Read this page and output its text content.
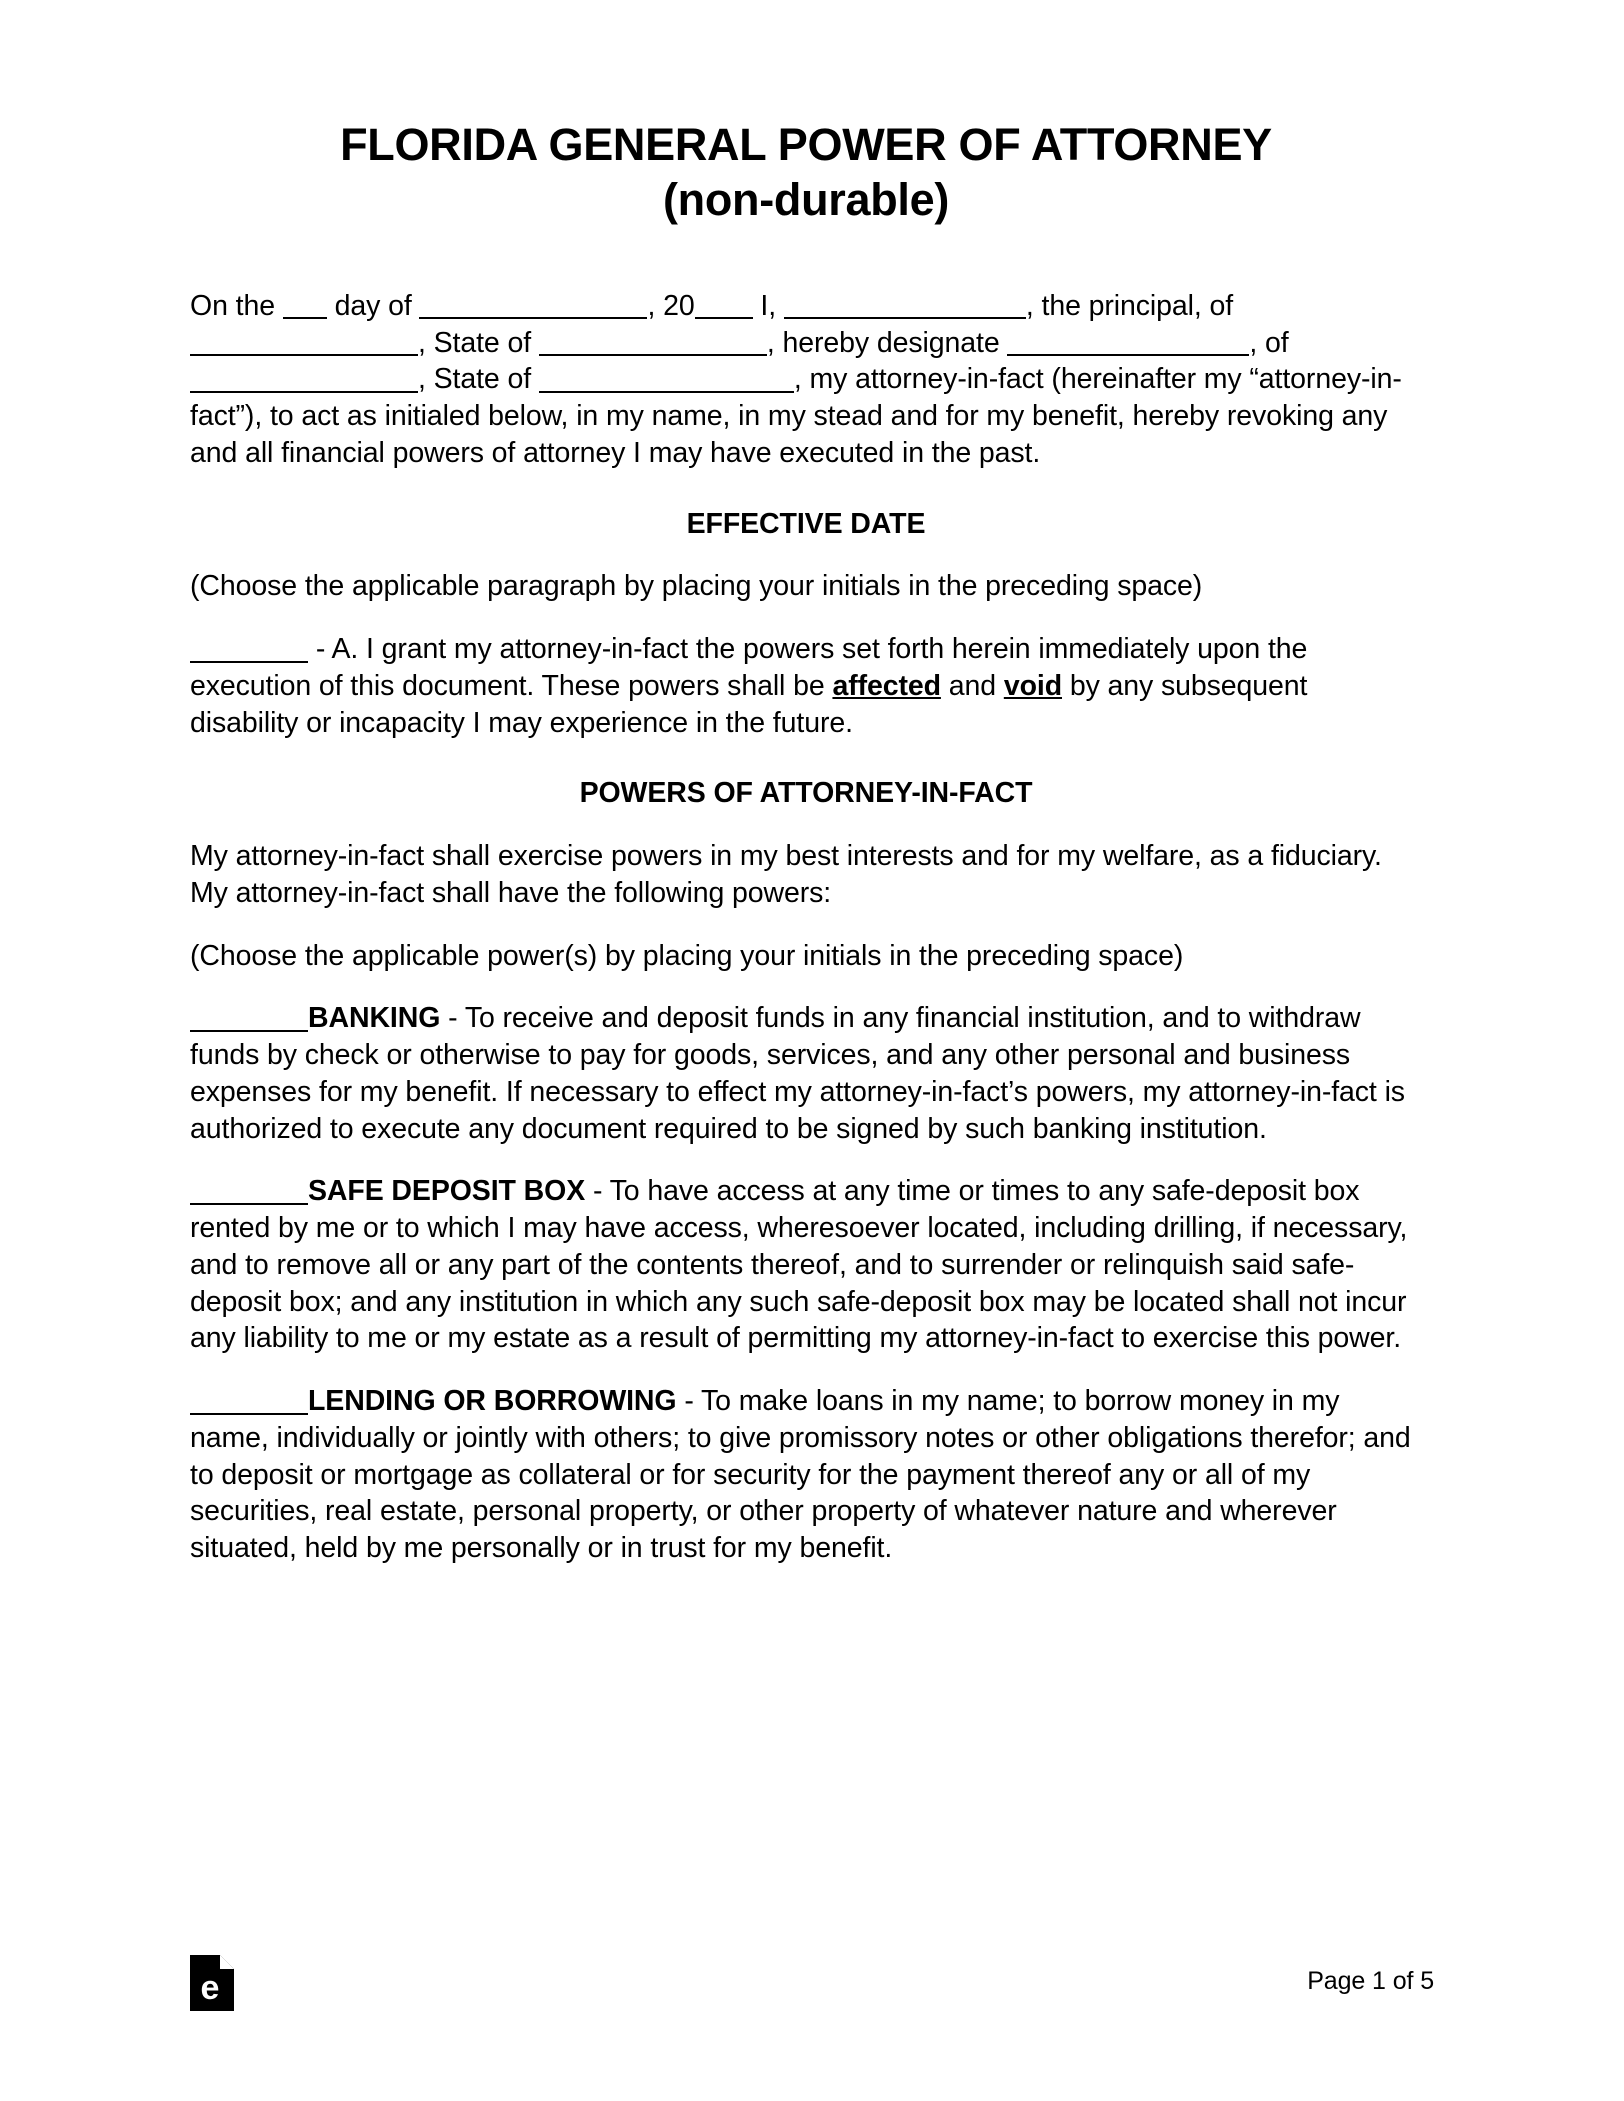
FLORIDA GENERAL POWER OF ATTORNEY
(non-durable)

On the  day of	, 20 I,	, the principal, of , State of	, hereby designate	, of , State of	, my attorney-in-fact (hereinafter my “attorney-in-fact”), to act as initialed below, in my name, in my stead and for my benefit, hereby revoking any and all financial powers of attorney I may have executed in the past.

EFFECTIVE DATE

(Choose the applicable paragraph by placing your initials in the preceding space)

- A. I grant my attorney-in-fact the powers set forth herein immediately upon the execution of this document. These powers shall be affected and void by any subsequent disability or incapacity I may experience in the future.

POWERS OF ATTORNEY-IN-FACT

My attorney-in-fact shall exercise powers in my best interests and for my welfare, as a fiduciary. My attorney-in-fact shall have the following powers:

(Choose the applicable power(s) by placing your initials in the preceding space)

BANKING - To receive and deposit funds in any financial institution, and to withdraw funds by check or otherwise to pay for goods, services, and any other personal and business expenses for my benefit. If necessary to effect my attorney-in-fact’s powers, my attorney-in-fact is authorized to execute any document required to be signed by such banking institution.

SAFE DEPOSIT BOX - To have access at any time or times to any safe-deposit box rented by me or to which I may have access, wheresoever located, including drilling, if necessary, and to remove all or any part of the contents thereof, and to surrender or relinquish said safe-deposit box; and any institution in which any such safe-deposit box may be located shall not incur any liability to me or my estate as a result of permitting my attorney-in-fact to exercise this power.

LENDING OR BORROWING - To make loans in my name; to borrow money in my name, individually or jointly with others; to give promissory notes or other obligations therefor; and to deposit or mortgage as collateral or for security for the payment thereof any or all of my securities, real estate, personal property, or other property of whatever nature and wherever situated, held by me personally or in trust for my benefit.

e	Page 1 of 5
